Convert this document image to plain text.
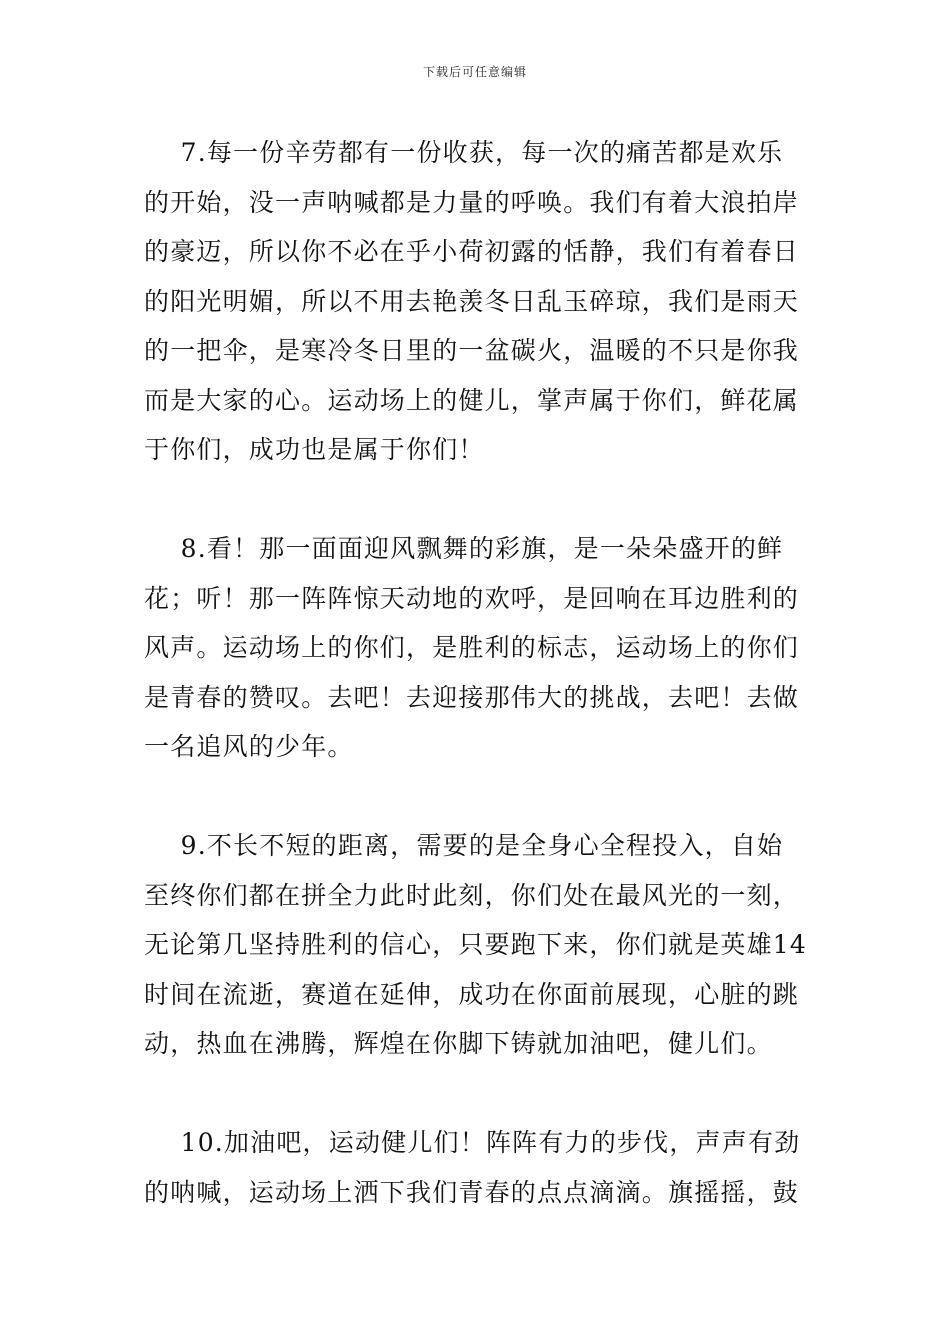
下载后可任意编辑

7.每一份辛劳都有一份收获，每一次的痛苦都是欢乐
的开始，没一声呐喊都是力量的呼唤。我们有着大浪拍岸
的豪迈，所以你不必在乎小荷初露的恬静，我们有着春日
的阳光明媚，所以不用去艳羡冬日乱玉碎琼，我们是雨天
的一把伞，是寒冷冬日里的一盆碳火，温暖的不只是你我
而是大家的心。运动场上的健儿，掌声属于你们，鲜花属
于你们，成功也是属于你们！

8.看！那一面面迎风飘舞的彩旗，是一朵朵盛开的鲜
花；听！那一阵阵惊天动地的欢呼，是回响在耳边胜利的
风声。运动场上的你们，是胜利的标志，运动场上的你们
是青春的赞叹。去吧！去迎接那伟大的挑战，去吧！去做
一名追风的少年。

9.不长不短的距离，需要的是全身心全程投入，自始
至终你们都在拼全力此时此刻，你们处在最风光的一刻，
无论第几坚持胜利的信心，只要跑下来，你们就是英雄14
时间在流逝，赛道在延伸，成功在你面前展现，心脏的跳
动，热血在沸腾，辉煌在你脚下铸就加油吧，健儿们。

10.加油吧，运动健儿们！阵阵有力的步伐，声声有劲
的呐喊，运动场上洒下我们青春的点点滴滴。旗摇摇，鼓
